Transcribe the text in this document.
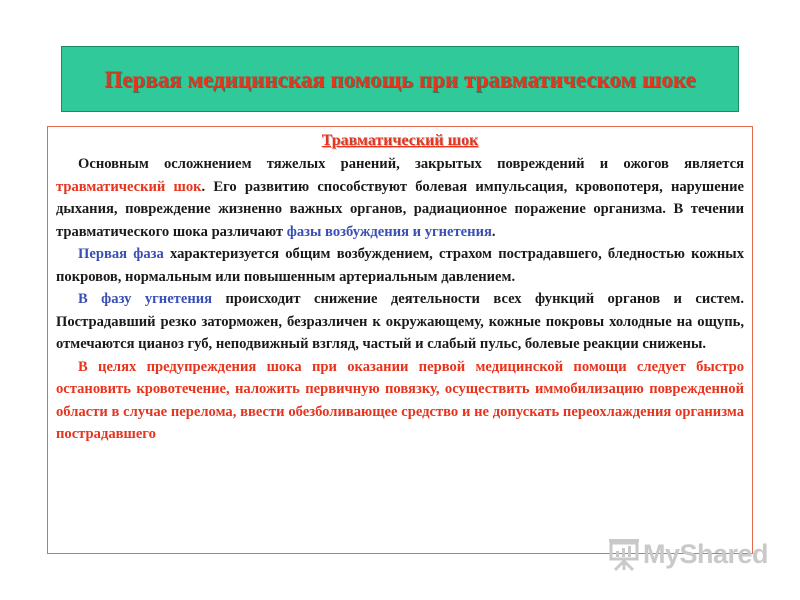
Первая медицинская помощь при травматическом шоке
Травматический шок

Основным осложнением тяжелых ранений, закрытых повреждений и ожогов является травматический шок. Его развитию способствуют болевая импульсация, кровопотеря, нарушение дыхания, повреждение жизненно важных органов, радиационное поражение организма. В течении травматического шока различают фазы возбуждения и угнетения.

Первая фаза характеризуется общим возбуждением, страхом пострадавшего, бледностью кожных покровов, нормальным или повышенным артериальным давлением.

В фазу угнетения происходит снижение деятельности всех функций органов и систем. Пострадавший резко заторможен, безразличен к окружающему, кожные покровы холодные на ощупь, отмечаются цианоз губ, неподвижный взгляд, частый и слабый пульс, болевые реакции снижены.

В целях предупреждения шока при оказании первой медицинской помощи следует быстро остановить кровотечение, наложить первичную повязку, осуществить иммобилизацию поврежденной области в случае перелома, ввести обезболивающее средство и не допускать переохлаждения организма пострадавшего

MyShared
